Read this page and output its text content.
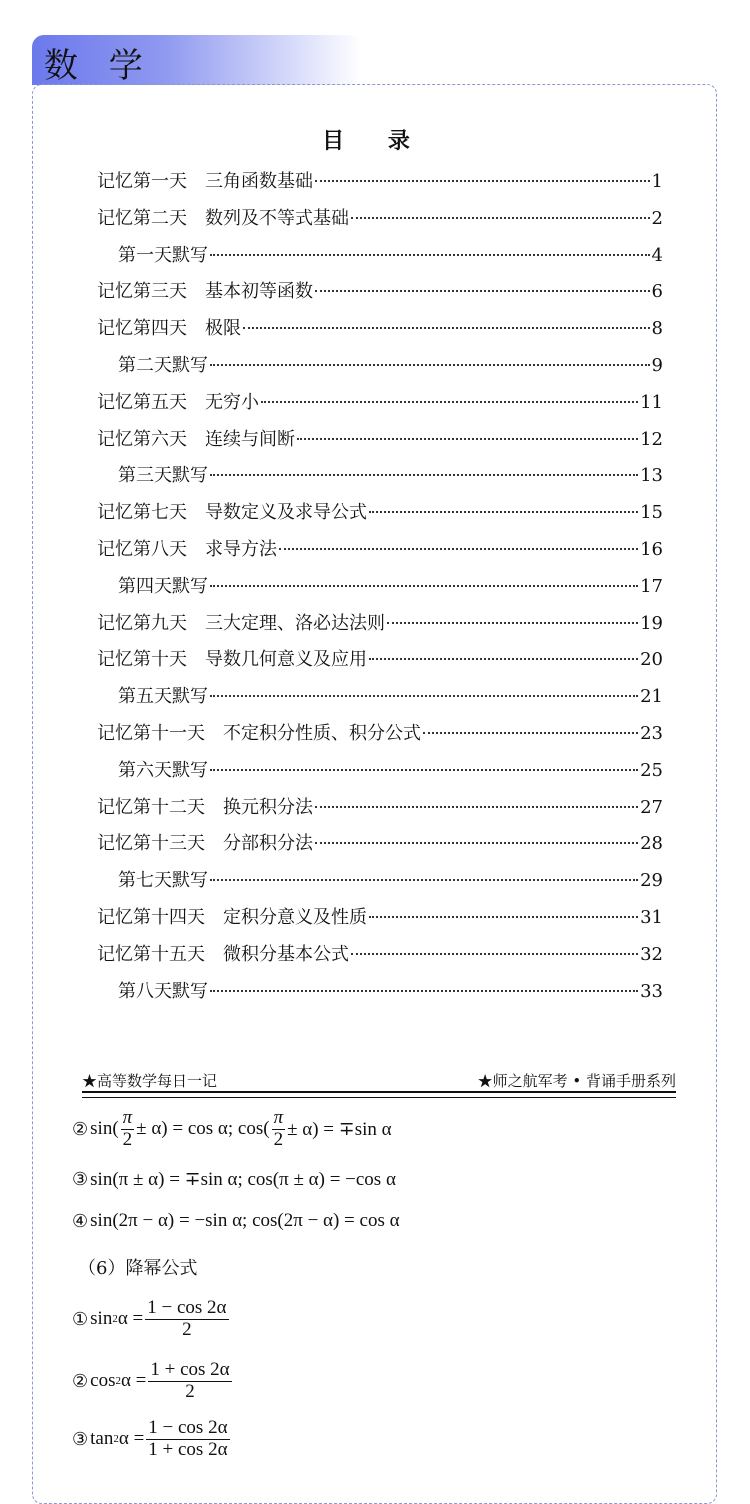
数 学
目 录
记忆第一天　三角函数基础	1
记忆第二天　数列及不等式基础	2
第一天默写	4
记忆第三天　基本初等函数	6
记忆第四天　极限	8
第二天默写	9
记忆第五天　无穷小	11
记忆第六天　连续与间断	12
第三天默写	13
记忆第七天　导数定义及求导公式	15
记忆第八天　求导方法	16
第四天默写	17
记忆第九天　三大定理、洛必达法则	19
记忆第十天　导数几何意义及应用	20
第五天默写	21
记忆第十一天　不定积分性质、积分公式	23
第六天默写	25
记忆第十二天　换元积分法	27
记忆第十三天　分部积分法	28
第七天默写	29
记忆第十四天　定积分意义及性质	31
记忆第十五天　微积分基本公式	32
第八天默写	33
★高等数学每日一记	★师之航军考 • 背诵手册系列
② $\sin( \frac{\pi}{2} \pm \alpha) = \cos \alpha$; $\cos( \frac{\pi}{2} \pm \alpha) = \mp\sin$ α
③ sin(π ± α) = ∓sin α; cos(π ± α) = −cos α
④ sin(2π − α) = −sin α; cos(2π − α) = cos α
（6）降幂公式
① sin 2 $\alpha = \frac{1 - \cos 2\alpha}{2}$
② cos 2 $\alpha = \frac{1 + \cos 2\alpha}{2}$
③ tan 2 $\alpha = \frac{1 - \cos 2\alpha}{1 + \cos 2\alpha}$
